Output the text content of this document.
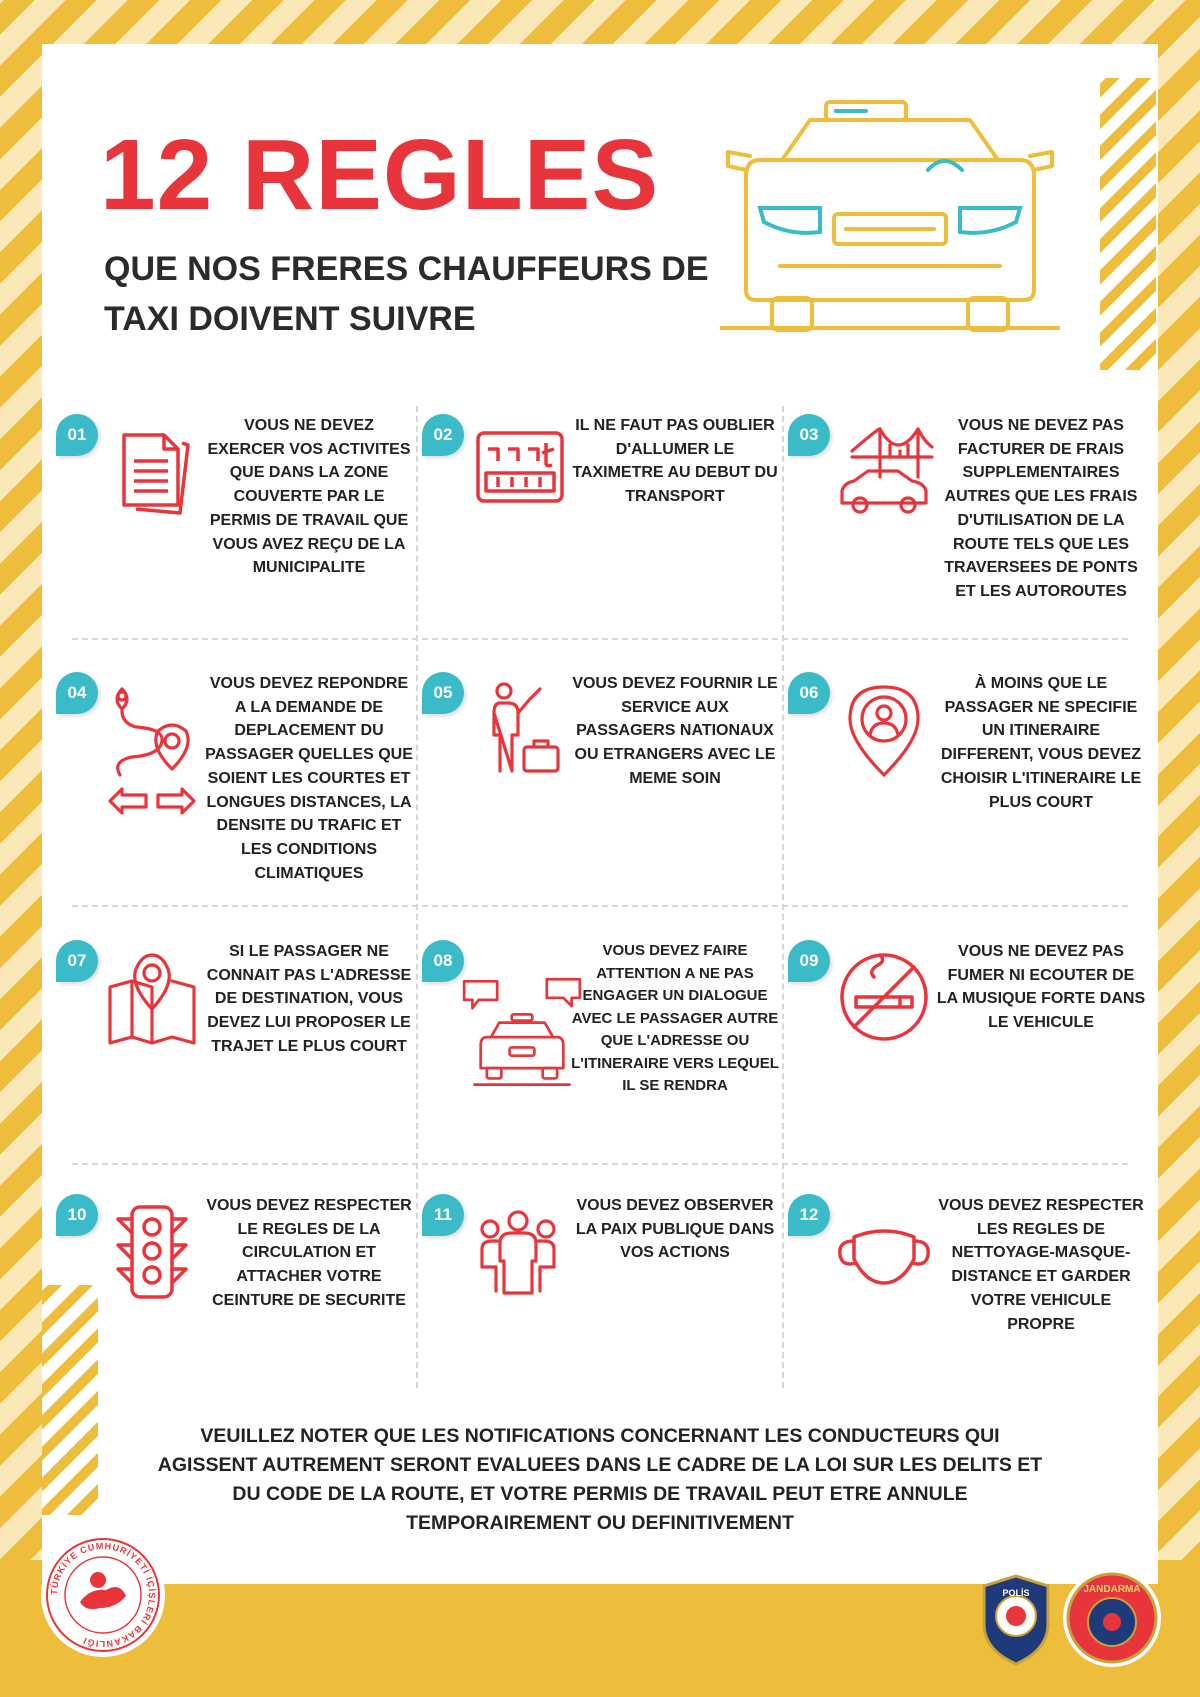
12 REGLES

QUE NOS FRERES CHAUFFEURS DE TAXI DOIVENT SUIVRE

01	VOUS NE DEVEZ EXERCER VOS ACTIVITES QUE DANS LA ZONE COUVERTE PAR LE PERMIS DE TRAVAIL QUE VOUS AVEZ REÇU DE LA MUNICIPALITE

02	IL NE FAUT PAS OUBLIER D'ALLUMER LE TAXIMETRE AU DEBUT DU TRANSPORT

03	VOUS NE DEVEZ PAS FACTURER DE FRAIS SUPPLEMENTAIRES AUTRES QUE LES FRAIS D'UTILISATION DE LA ROUTE TELS QUE LES TRAVERSEES DE PONTS ET LES AUTOROUTES

04	VOUS DEVEZ REPONDRE A LA DEMANDE DE DEPLACEMENT DU PASSAGER QUELLES QUE SOIENT LES COURTES ET LONGUES DISTANCES, LA DENSITE DU TRAFIC ET LES CONDITIONS CLIMATIQUES

05	VOUS DEVEZ FOURNIR LE SERVICE AUX PASSAGERS NATIONAUX OU ETRANGERS AVEC LE MEME SOIN

06	À MOINS QUE LE PASSAGER NE SPECIFIE UN ITINERAIRE DIFFERENT, VOUS DEVEZ CHOISIR L'ITINERAIRE LE PLUS COURT

07	SI LE PASSAGER NE CONNAIT PAS L'ADRESSE DE DESTINATION, VOUS DEVEZ LUI PROPOSER LE TRAJET LE PLUS COURT

08

VOUS DEVEZ FAIRE ATTENTION A NE PAS ENGAGER UN DIALOGUE AVEC LE PASSAGER AUTRE QUE L'ADRESSE OU L'ITINERAIRE VERS LEQUEL IL SE RENDRA

09	VOUS NE DEVEZ PAS FUMER NI ECOUTER DE LA MUSIQUE FORTE DANS LE VEHICULE

10	VOUS DEVEZ RESPECTER LE REGLES DE LA CIRCULATION ET ATTACHER VOTRE CEINTURE DE SECURITE

11	VOUS DEVEZ OBSERVER LA PAIX PUBLIQUE DANS VOS ACTIONS

12	VOUS DEVEZ RESPECTER LES REGLES DE NETTOYAGE-MASQUE-DISTANCE ET GARDER VOTRE VEHICULE PROPRE

VEUILLEZ NOTER QUE LES NOTIFICATIONS CONCERNANT LES CONDUCTEURS QUI AGISSENT AUTREMENT SERONT EVALUEES DANS LE CADRE DE LA LOI SUR LES DELITS ET DU CODE DE LA ROUTE, ET VOTRE PERMIS DE TRAVAIL PEUT ETRE ANNULE TEMPORAIREMENT OU DEFINITIVEMENT

TÜRKİYE CUMHURİYETİ İÇİŞLERİ BAKANLIĞI
POLİS	JANDARMA
